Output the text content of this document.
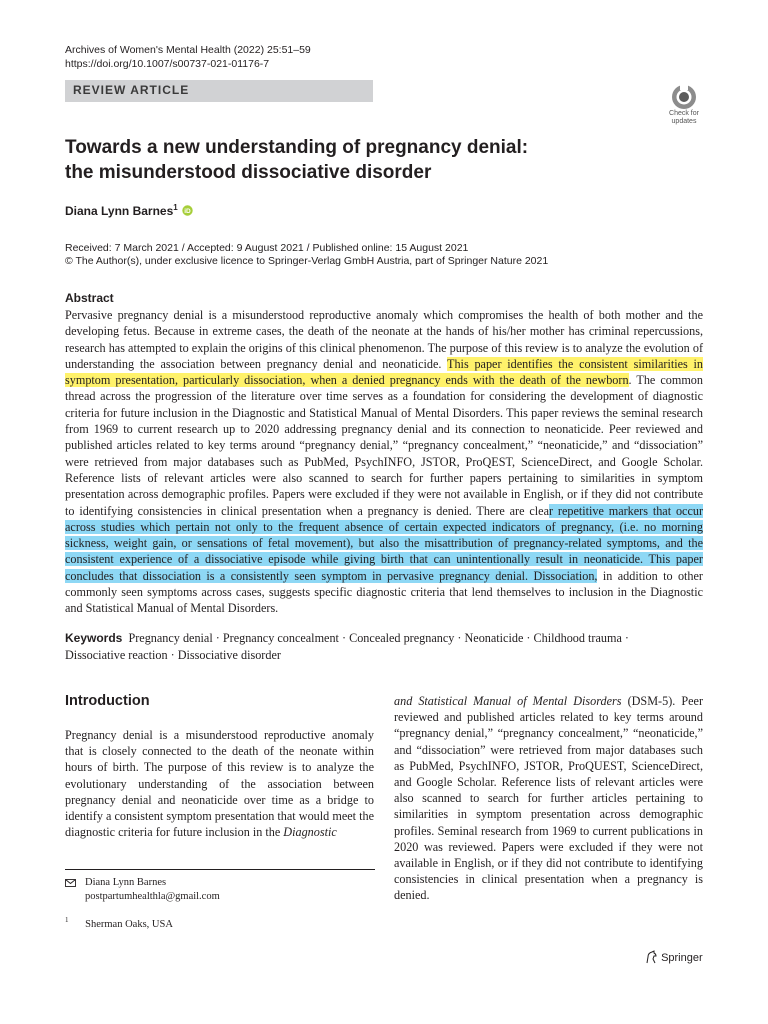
Archives of Women's Mental Health (2022) 25:51–59
https://doi.org/10.1007/s00737-021-01176-7
REVIEW ARTICLE
Check for
updates
Towards a new understanding of pregnancy denial:
the misunderstood dissociative disorder
Diana Lynn Barnes$^1$ iD
Received: 7 March 2021 / Accepted: 9 August 2021 / Published online: 15 August 2021
© The Author(s), under exclusive licence to Springer-Verlag GmbH Austria, part of Springer Nature 2021
Abstract
Pervasive pregnancy denial is a misunderstood reproductive anomaly which compromises the health of both mother and the developing fetus. Because in extreme cases, the death of the neonate at the hands of his/her mother has criminal repercussions, research has attempted to explain the origins of this clinical phenomenon. The purpose of this review is to analyze the evolution of understanding the association between pregnancy denial and neonaticide. This paper identifies the consistent similarities in symptom presentation, particularly dissociation, when a denied pregnancy ends with the death of the newborn. The common thread across the progression of the literature over time serves as a foundation for considering the development of diagnostic criteria for future inclusion in the Diagnostic and Statistical Manual of Mental Disorders. This paper reviews the seminal research from 1969 to current research up to 2020 addressing pregnancy denial and its connection to neonaticide. Peer reviewed and published articles related to key terms around “pregnancy denial,” “pregnancy concealment,” “neonaticide,” and “dissociation” were retrieved from major databases such as PubMed, PsychINFO, JSTOR, ProQEST, ScienceDirect, and Google Scholar. Reference lists of relevant articles were also scanned to search for further papers pertaining to similarities in symptom presentation across demographic profiles. Papers were excluded if they were not available in English, or if they did not contribute to identifying consistencies in clinical presentation when a pregnancy is denied. There are clear repetitive markers that occur across studies which pertain not only to the frequent absence of certain expected indicators of pregnancy, (i.e. no morning sickness, weight gain, or sensations of fetal movement), but also the misattribution of pregnancy-related symptoms, and the consistent experience of a dissociative episode while giving birth that can unintentionally result in neonaticide. This paper concludes that dissociation is a consistently seen symptom in pervasive pregnancy denial. Dissociation, in addition to other commonly seen symptoms across cases, suggests specific diagnostic criteria that lend themselves to inclusion in the Diagnostic and Statistical Manual of Mental Disorders.
Keywords Pregnancy denial · Pregnancy concealment · Concealed pregnancy · Neonaticide · Childhood trauma ·
Dissociative reaction · Dissociative disorder
Introduction
Pregnancy denial is a misunderstood reproductive anomaly that is closely connected to the death of the neonate within hours of birth. The purpose of this review is to analyze the evolutionary understanding of the association between pregnancy denial and neonaticide over time as a bridge to identify a consistent symptom presentation that would meet the diagnostic criteria for future inclusion in the Diagnostic
Diana Lynn Barnes
postpartumhealthla@gmail.com
$^1$ Sherman Oaks, USA
and Statistical Manual of Mental Disorders (DSM-5). Peer reviewed and published articles related to key terms around “pregnancy denial,” “pregnancy concealment,” “neonaticide,” and “dissociation” were retrieved from major databases such as PubMed, PsychINFO, JSTOR, ProQUEST, ScienceDirect, and Google Scholar. Reference lists of relevant articles were also scanned to search for further articles pertaining to similarities in symptom presentation across demographic profiles. Seminal research from 1969 to current publications in 2020 was reviewed. Papers were excluded if they were not available in English, or if they did not contribute to identifying consistencies in clinical presentation when a pregnancy is denied.
Springer
